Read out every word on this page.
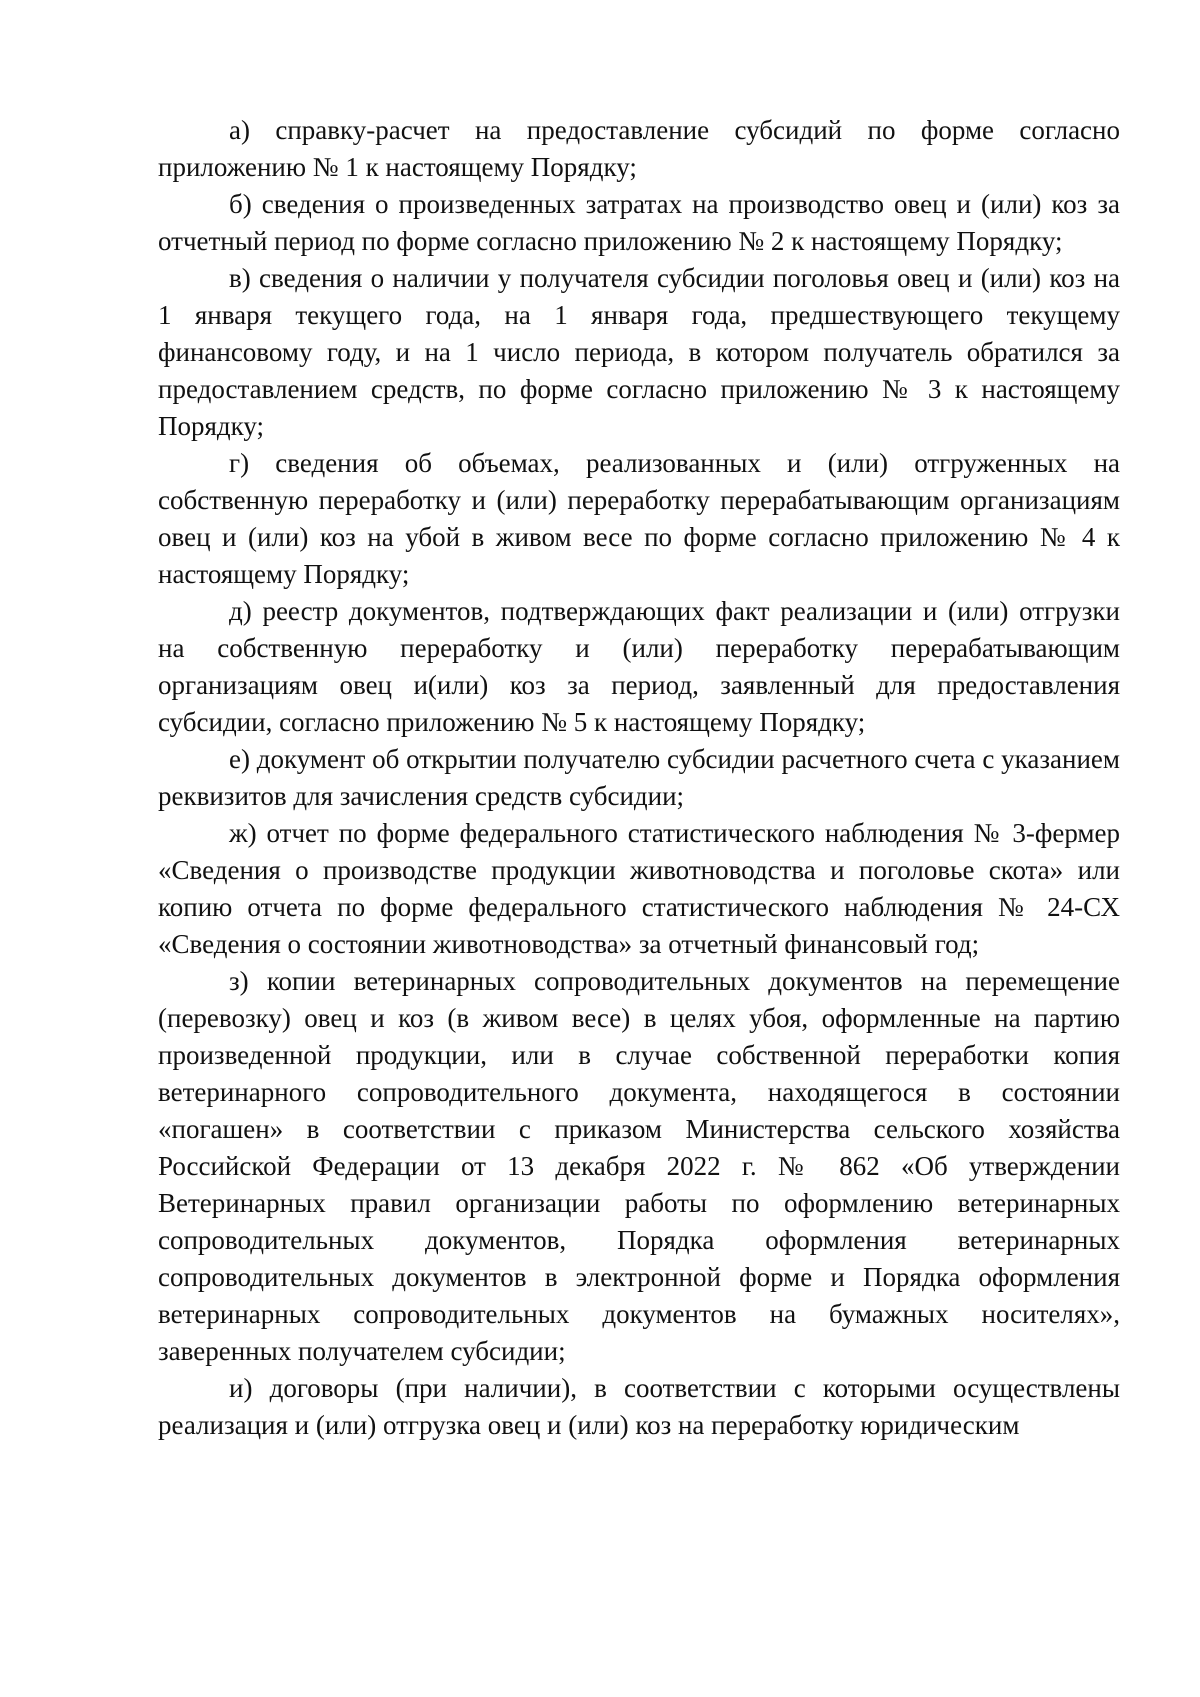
а) справку-расчет на предоставление субсидий по форме согласно приложению № 1 к настоящему Порядку;

б) сведения о произведенных затратах на производство овец и (или) коз за отчетный период по форме согласно приложению № 2 к настоящему Порядку;

в) сведения о наличии у получателя субсидии поголовья овец и (или) коз на 1 января текущего года, на 1 января года, предшествующего текущему финансовому году, и на 1 число периода, в котором получатель обратился за предоставлением средств, по форме согласно приложению № 3 к настоящему Порядку;

г) сведения об объемах, реализованных и (или) отгруженных на собственную переработку и (или) переработку перерабатывающим организациям овец и (или) коз на убой в живом весе по форме согласно приложению № 4 к настоящему Порядку;

д) реестр документов, подтверждающих факт реализации и (или) отгрузки на собственную переработку и (или) переработку перерабатывающим организациям овец и(или) коз за период, заявленный для предоставления субсидии, согласно приложению № 5 к настоящему Порядку;

е) документ об открытии получателю субсидии расчетного счета с указанием реквизитов для зачисления средств субсидии;

ж) отчет по форме федерального статистического наблюдения № 3-фермер «Сведения о производстве продукции животноводства и поголовье скота» или копию отчета по форме федерального статистического наблюдения № 24-СХ «Сведения о состоянии животноводства» за отчетный финансовый год;

з) копии ветеринарных сопроводительных документов на перемещение (перевозку) овец и коз (в живом весе) в целях убоя, оформленные на партию произведенной продукции, или в случае собственной переработки копия ветеринарного сопроводительного документа, находящегося в состоянии «погашен» в соответствии с приказом Министерства сельского хозяйства Российской Федерации от 13 декабря 2022 г. № 862 «Об утверждении Ветеринарных правил организации работы по оформлению ветеринарных сопроводительных документов, Порядка оформления ветеринарных сопроводительных документов в электронной форме и Порядка оформления ветеринарных сопроводительных документов на бумажных носителях», заверенных получателем субсидии;

и) договоры (при наличии), в соответствии с которыми осуществлены реализация и (или) отгрузка овец и (или) коз на переработку юридическим
